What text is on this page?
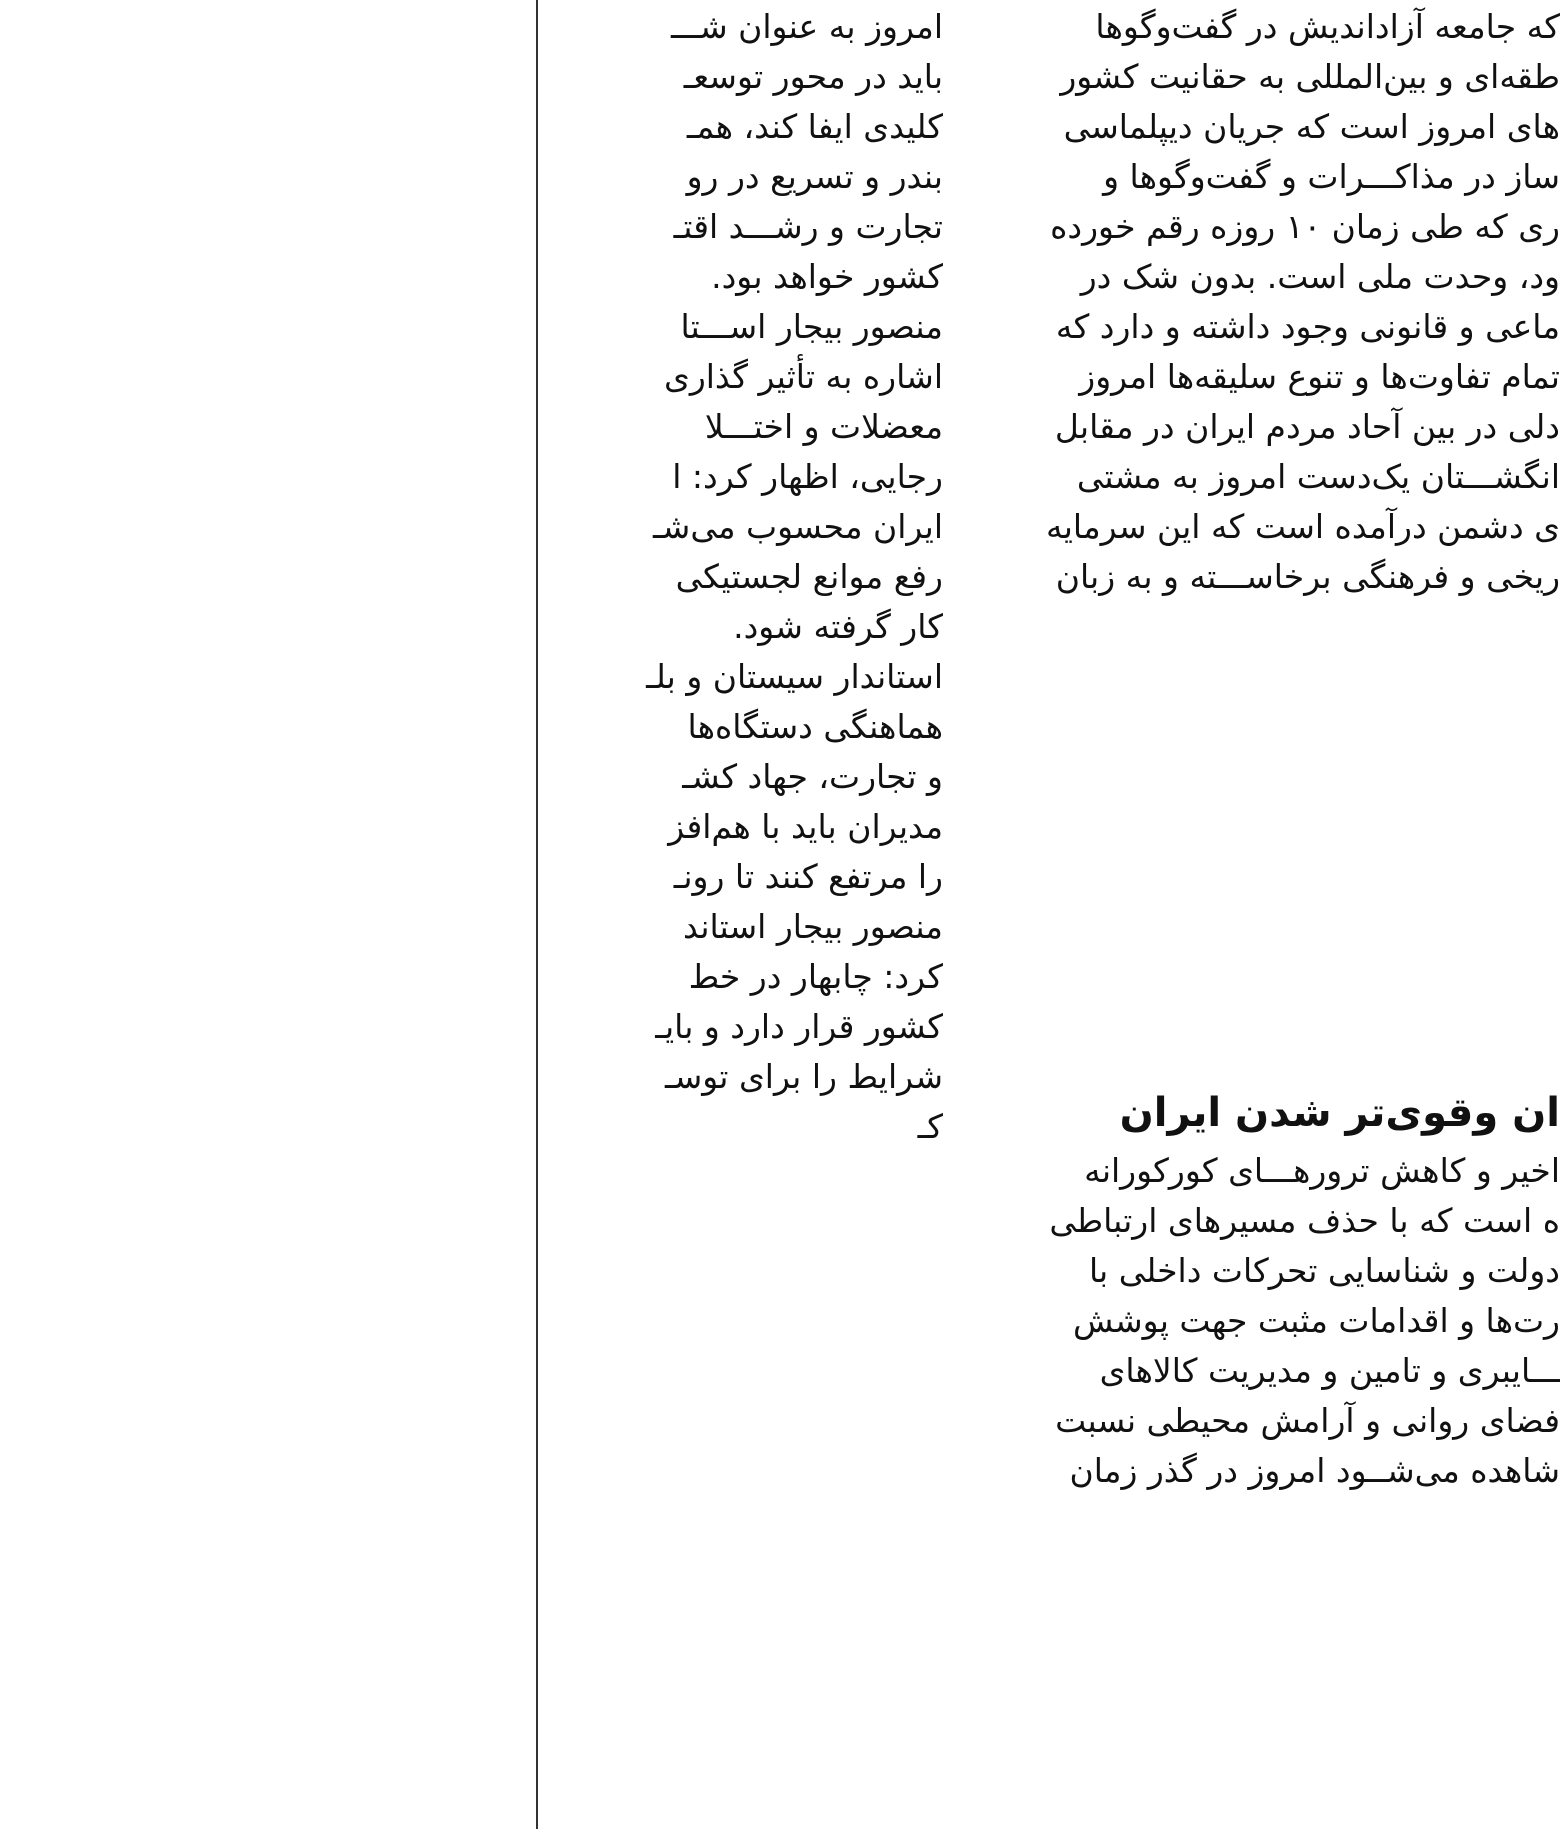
که جامعه آزاداندیش در گفت‌وگوها
طقه‌ای و بین‌المللی به حقانیت کشور
های امروز است که جریان دیپلماسی
ساز در مذاکـــرات و گفت‌وگوها و
ری که طی زمان ۱۰ روزه رقم خورده
ود، وحدت ملی است. بدون شک در
ماعی و قانونی وجود داشته و دارد که
تمام تفاوت‌ها و تنوع سلیقه‌ها امروز
دلی در بین آحاد مردم ایران در مقابل
انگشـــتان یک‌دست امروز به مشتی
ی دشمن درآمده است که این سرمایه
ریخی و فرهنگی برخاســـته و به زبان
ان وقوی‌تر شدن ایران
اخیر و کاهش ترورهـــای کورکورانه
ه است که با حذف مسیرهای ارتباطی
دولت و شناسایی تحرکات داخلی با
رت‌ها و اقدامات مثبت جهت پوشش
ـــایبری و تامین و مدیریت کالاهای
فضای روانی و آرامش محیطی نسبت
شاهده می‌شــود امروز در گذر زمان
امروز به عنوان شـــ
باید در محور توسعـ
کلیدی ایفا کند، همـ
بندر و تسریع در رو
تجارت و رشـــد اقتـ
کشور خواهد بود.
منصور بیجار اســـتا
اشاره به تأثیر گذاری
معضلات و اختـــلا
رجایی، اظهار کرد: ا
ایران محسوب می‌شـ
رفع موانع لجستیکی
کار گرفته شود.
استاندار سیستان و بلـ
هماهنگی دستگاه‌ها
و تجارت، جهاد کشـ
مدیران باید با هم‌افز
را مرتفع کنند تا رونـ
منصور بیجار استاند
کرد: چابهار در خط
کشور قرار دارد و بایـ
شرایط را برای توسـ
کـ
